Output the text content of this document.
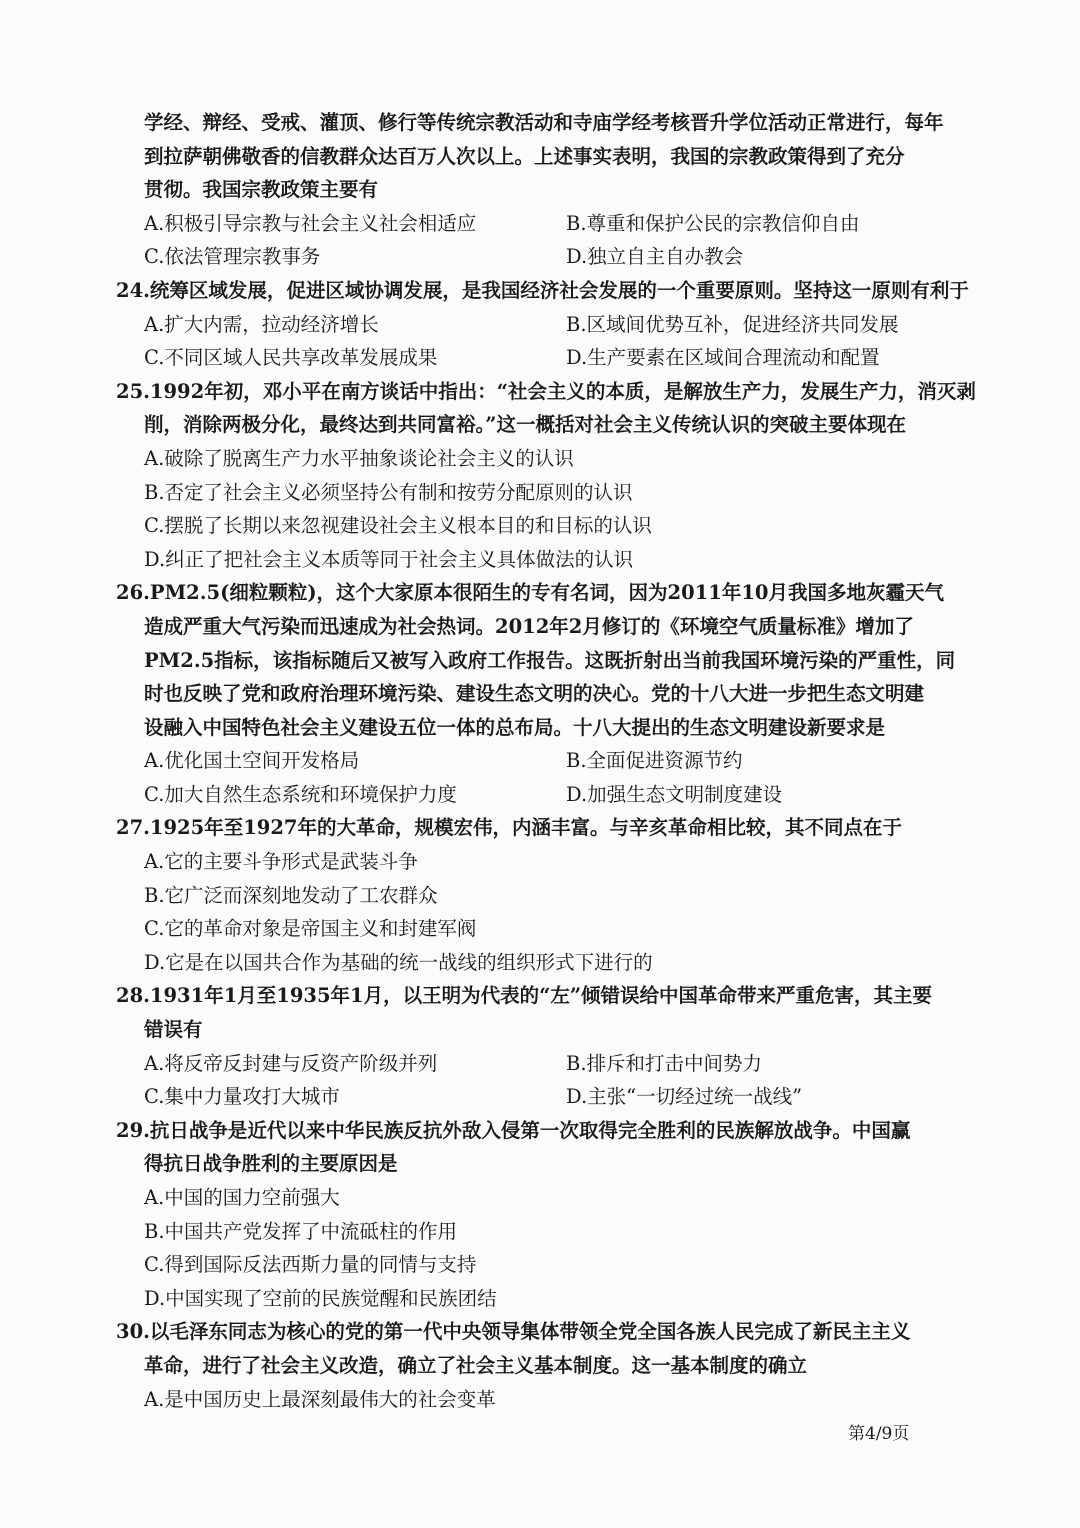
学经、辩经、受戒、灌顶、修行等传统宗教活动和寺庙学经考核晋升学位活动正常进行，每年
到拉萨朝佛敬香的信教群众达百万人次以上。上述事实表明，我国的宗教政策得到了充分
贯彻。我国宗教政策主要有
A.积极引导宗教与社会主义社会相适应	B.尊重和保护公民的宗教信仰自由
C.依法管理宗教事务	D.独立自主自办教会
24.统筹区域发展，促进区域协调发展，是我国经济社会发展的一个重要原则。坚持这一原则有利于
A.扩大内需，拉动经济增长	B.区域间优势互补，促进经济共同发展
C.不同区域人民共享改革发展成果	D.生产要素在区域间合理流动和配置
25.1992年初，邓小平在南方谈话中指出：“社会主义的本质，是解放生产力，发展生产力，消灭剥
削，消除两极分化，最终达到共同富裕。”这一概括对社会主义传统认识的突破主要体现在
A.破除了脱离生产力水平抽象谈论社会主义的认识
B.否定了社会主义必须坚持公有制和按劳分配原则的认识
C.摆脱了长期以来忽视建设社会主义根本目的和目标的认识
D.纠正了把社会主义本质等同于社会主义具体做法的认识
26.PM2.5(细粒颗粒)，这个大家原本很陌生的专有名词，因为2011年10月我国多地灰霾天气
造成严重大气污染而迅速成为社会热词。2012年2月修订的《环境空气质量标准》增加了
PM2.5指标，该指标随后又被写入政府工作报告。这既折射出当前我国环境污染的严重性，同
时也反映了党和政府治理环境污染、建设生态文明的决心。党的十八大进一步把生态文明建
设融入中国特色社会主义建设五位一体的总布局。十八大提出的生态文明建设新要求是
A.优化国土空间开发格局	B.全面促进资源节约
C.加大自然生态系统和环境保护力度	D.加强生态文明制度建设
27.1925年至1927年的大革命，规模宏伟，内涵丰富。与辛亥革命相比较，其不同点在于
A.它的主要斗争形式是武装斗争
B.它广泛而深刻地发动了工农群众
C.它的革命对象是帝国主义和封建军阀
D.它是在以国共合作为基础的统一战线的组织形式下进行的
28.1931年1月至1935年1月，以王明为代表的“左”倾错误给中国革命带来严重危害，其主要
错误有
A.将反帝反封建与反资产阶级并列	B.排斥和打击中间势力
C.集中力量攻打大城市	D.主张“一切经过统一战线”
29.抗日战争是近代以来中华民族反抗外敌入侵第一次取得完全胜利的民族解放战争。中国赢
得抗日战争胜利的主要原因是
A.中国的国力空前强大
B.中国共产党发挥了中流砥柱的作用
C.得到国际反法西斯力量的同情与支持
D.中国实现了空前的民族觉醒和民族团结
30.以毛泽东同志为核心的党的第一代中央领导集体带领全党全国各族人民完成了新民主主义
革命，进行了社会主义改造，确立了社会主义基本制度。这一基本制度的确立
A.是中国历史上最深刻最伟大的社会变革
第4/9页
